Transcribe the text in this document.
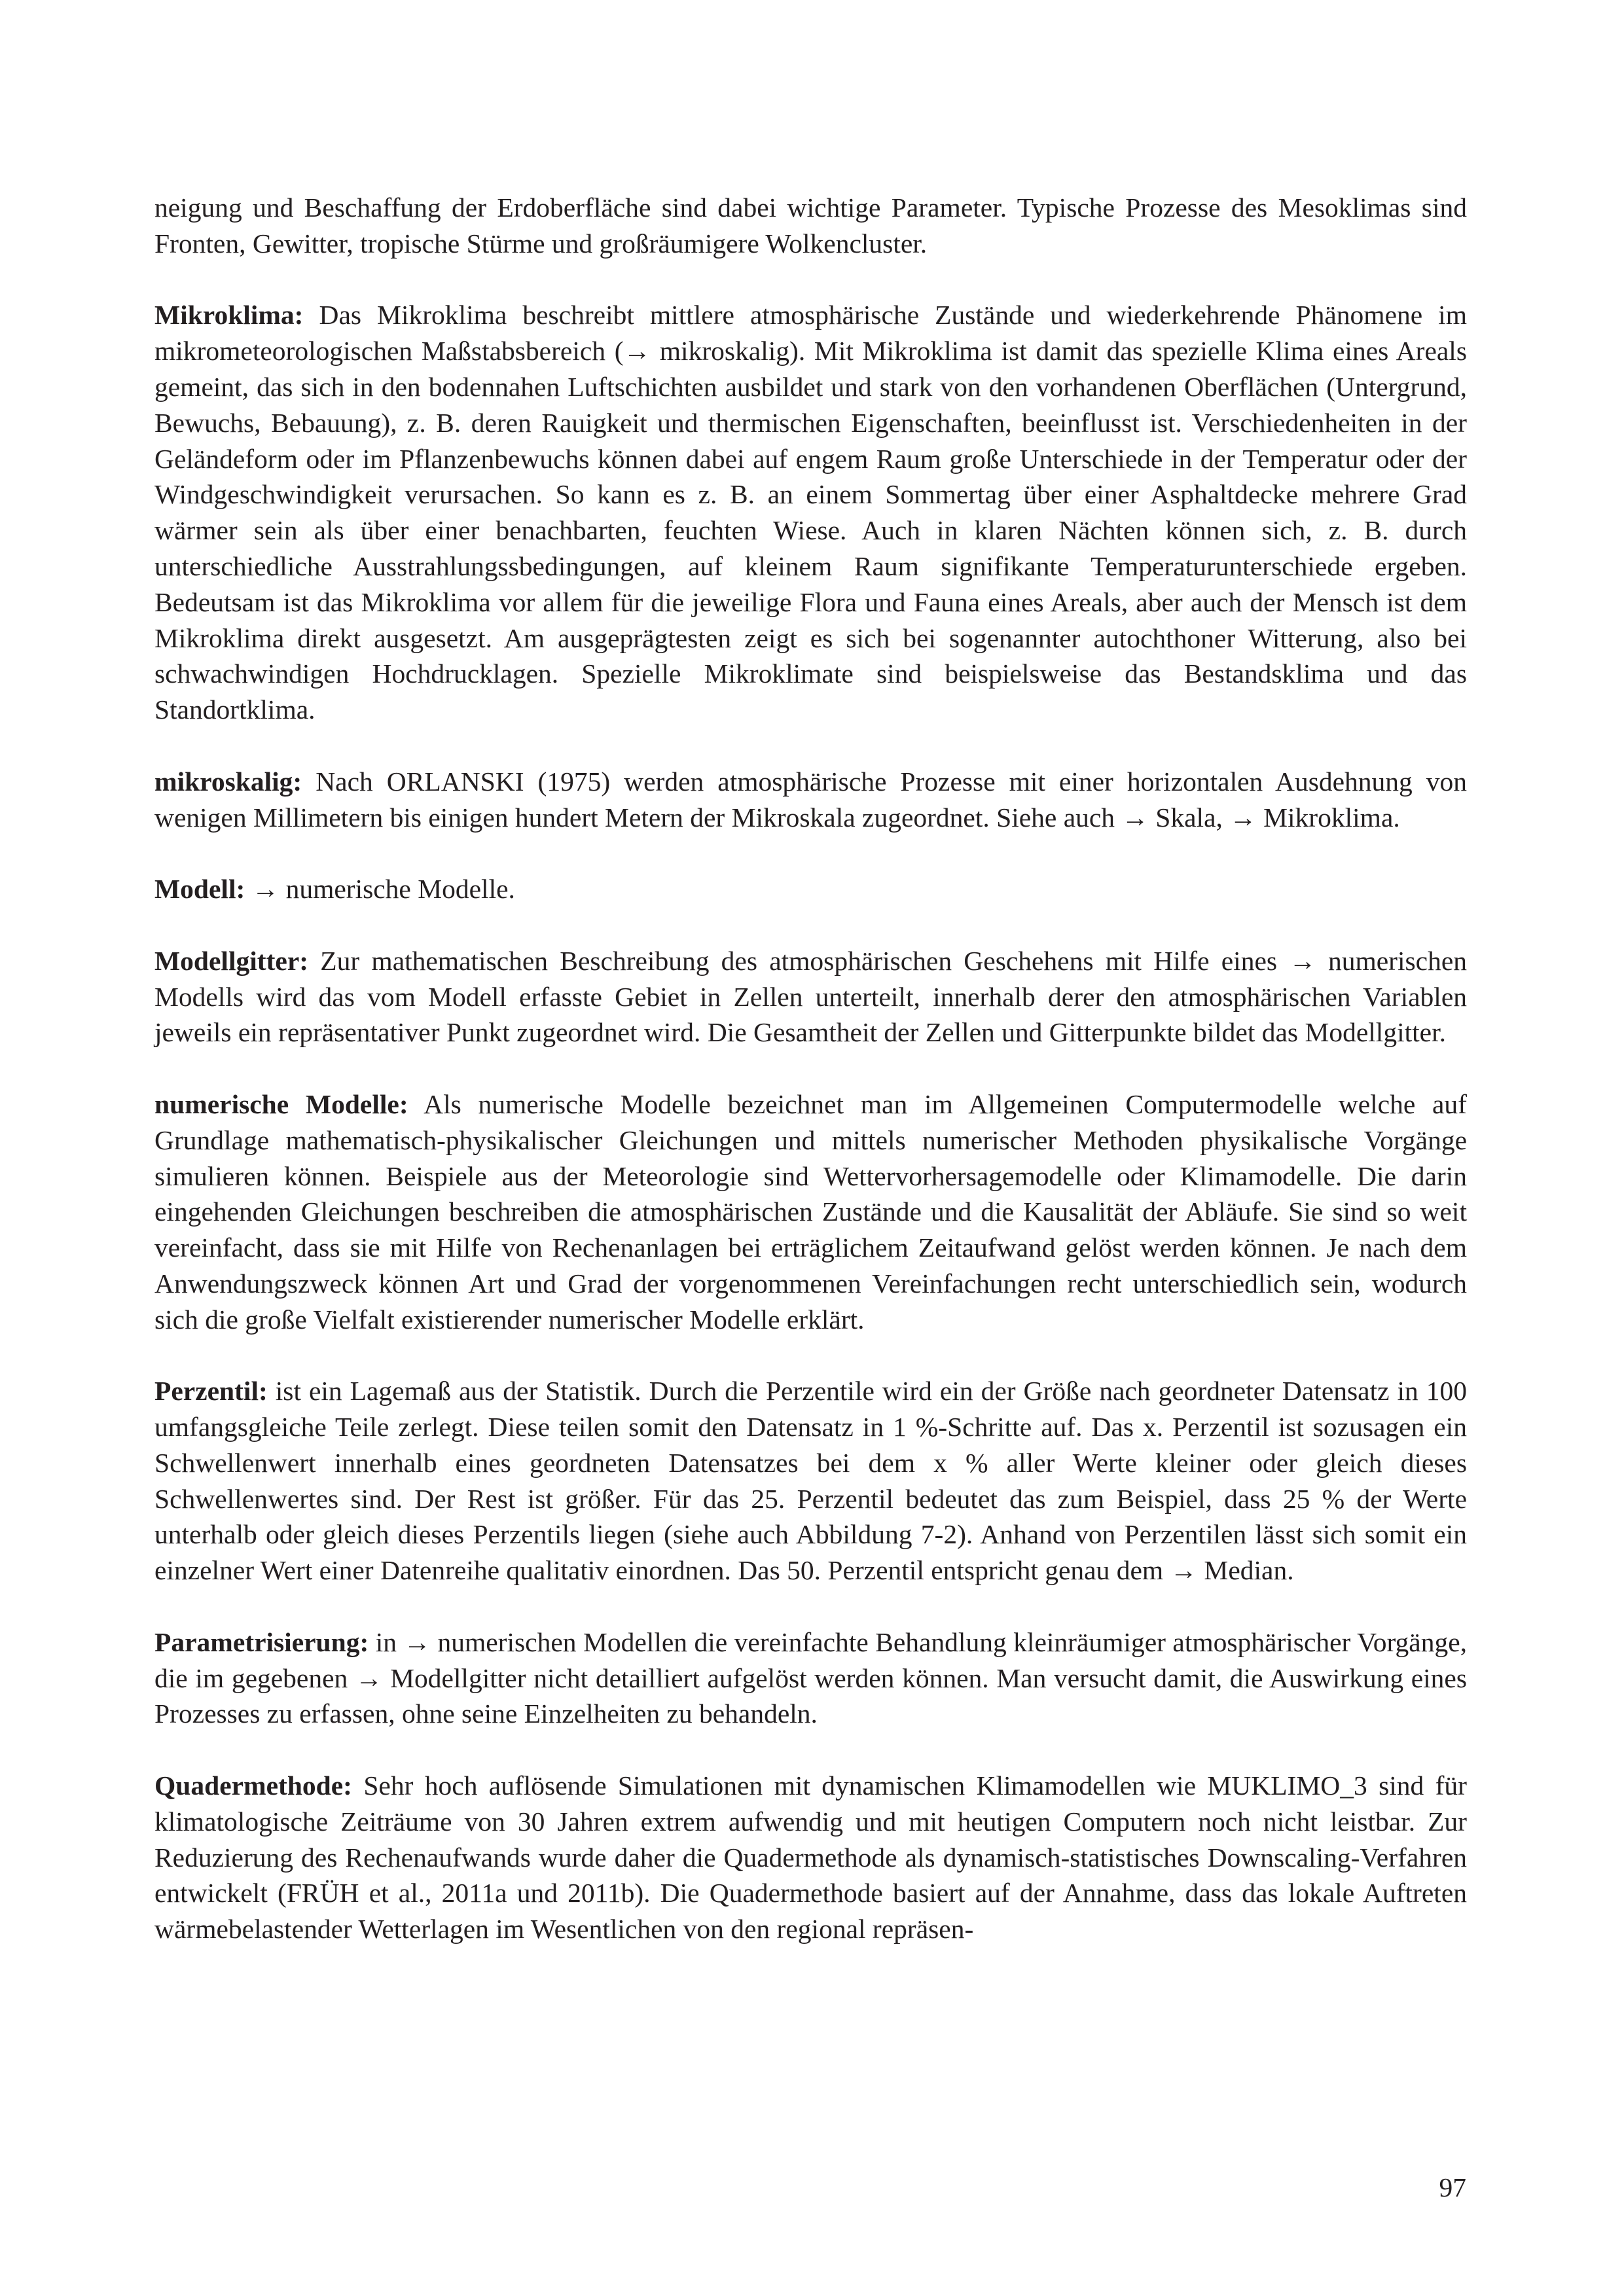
neigung und Beschaffung der Erdoberfläche sind dabei wichtige Parameter. Typische Prozesse des Mesoklimas sind Fronten, Gewitter, tropische Stürme und großräumigere Wolkencluster.

Mikroklima: Das Mikroklima beschreibt mittlere atmosphärische Zustände und wiederkehrende Phänomene im mikrometeorologischen Maßstabsbereich (→ mikroskalig). Mit Mikroklima ist damit das spezielle Klima eines Areals gemeint, das sich in den bodennahen Luftschichten ausbildet und stark von den vorhandenen Oberflächen (Untergrund, Bewuchs, Bebauung), z. B. deren Rauigkeit und thermischen Eigenschaften, beeinflusst ist. Verschiedenheiten in der Geländeform oder im Pflanzenbewuchs können dabei auf engem Raum große Unterschiede in der Temperatur oder der Windgeschwindigkeit verursachen. So kann es z. B. an einem Sommertag über einer Asphaltdecke mehrere Grad wärmer sein als über einer benachbarten, feuchten Wiese. Auch in klaren Nächten können sich, z. B. durch unterschiedliche Ausstrahlungssbedingungen, auf kleinem Raum signifikante Temperaturunterschiede ergeben. Bedeutsam ist das Mikroklima vor allem für die jeweilige Flora und Fauna eines Areals, aber auch der Mensch ist dem Mikroklima direkt ausgesetzt. Am ausgeprägtesten zeigt es sich bei sogenannter autochthoner Witterung, also bei schwachwindigen Hochdrucklagen. Spezielle Mikroklimate sind beispielsweise das Bestandsklima und das Standortklima.

mikroskalig: Nach ORLANSKI (1975) werden atmosphärische Prozesse mit einer horizontalen Ausdehnung von wenigen Millimetern bis einigen hundert Metern der Mikroskala zugeordnet. Siehe auch → Skala, → Mikroklima.

Modell: → numerische Modelle.

Modellgitter: Zur mathematischen Beschreibung des atmosphärischen Geschehens mit Hilfe eines → numerischen Modells wird das vom Modell erfasste Gebiet in Zellen unterteilt, innerhalb derer den atmosphärischen Variablen jeweils ein repräsentativer Punkt zugeordnet wird. Die Gesamtheit der Zellen und Gitterpunkte bildet das Modellgitter.

numerische Modelle: Als numerische Modelle bezeichnet man im Allgemeinen Computermodelle welche auf Grundlage mathematisch-physikalischer Gleichungen und mittels numerischer Methoden physikalische Vorgänge simulieren können. Beispiele aus der Meteorologie sind Wettervorhersagemodelle oder Klimamodelle. Die darin eingehenden Gleichungen beschreiben die atmosphärischen Zustände und die Kausalität der Abläufe. Sie sind so weit vereinfacht, dass sie mit Hilfe von Rechenanlagen bei erträglichem Zeitaufwand gelöst werden können. Je nach dem Anwendungszweck können Art und Grad der vorgenommenen Vereinfachungen recht unterschiedlich sein, wodurch sich die große Vielfalt existierender numerischer Modelle erklärt.

Perzentil: ist ein Lagemaß aus der Statistik. Durch die Perzentile wird ein der Größe nach geordneter Datensatz in 100 umfangsgleiche Teile zerlegt. Diese teilen somit den Datensatz in 1 %-Schritte auf. Das x. Perzentil ist sozusagen ein Schwellenwert innerhalb eines geordneten Datensatzes bei dem x % aller Werte kleiner oder gleich dieses Schwellenwertes sind. Der Rest ist größer. Für das 25. Perzentil bedeutet das zum Beispiel, dass 25 % der Werte unterhalb oder gleich dieses Perzentils liegen (siehe auch Abbildung 7-2). Anhand von Perzentilen lässt sich somit ein einzelner Wert einer Datenreihe qualitativ einordnen. Das 50. Perzentil entspricht genau dem → Median.

Parametrisierung: in → numerischen Modellen die vereinfachte Behandlung kleinräumiger atmosphärischer Vorgänge, die im gegebenen → Modellgitter nicht detailliert aufgelöst werden können. Man versucht damit, die Auswirkung eines Prozesses zu erfassen, ohne seine Einzelheiten zu behandeln.

Quadermethode: Sehr hoch auflösende Simulationen mit dynamischen Klimamodellen wie MUKLIMO_3 sind für klimatologische Zeiträume von 30 Jahren extrem aufwendig und mit heutigen Computern noch nicht leistbar. Zur Reduzierung des Rechenaufwands wurde daher die Quadermethode als dynamisch-statistisches Downscaling-Verfahren entwickelt (FRÜH et al., 2011a und 2011b). Die Quadermethode basiert auf der Annahme, dass das lokale Auftreten wärmebelastender Wetterlagen im Wesentlichen von den regional repräsen-

97
